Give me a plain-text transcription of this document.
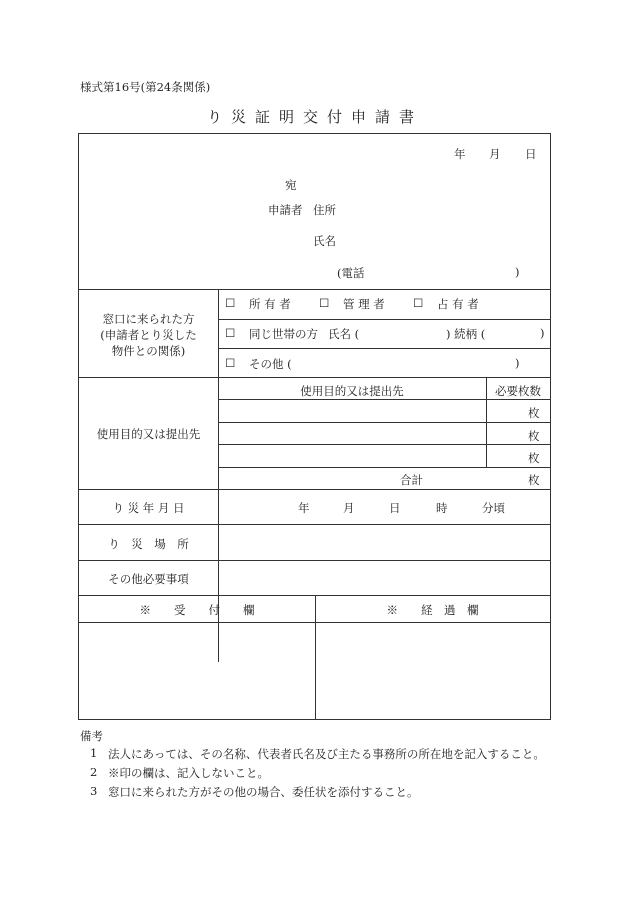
様式第16号(第24条関係)
り災証明交付申請書
年 月 日
宛
申請者 住所
氏名
(電話	)
窓口に来られた方
(申請者とり災した
物件との関係)
☐ 所 有 者 ☐ 管 理 者 ☐ 占 有 者
☐ 同じ世帯の方 氏名 (	) 続柄 (	)
☐ その他 (	)
使用目的又は提出先
使用目的又は提出先	必要枚数
枚
枚
枚
合計	枚
り 災 年 月 日	年	月	日	時	分頃
り　災　場　所
その他必要事項
※　　受　　付　　欄	※　　経　過　欄
備考
1 法人にあっては、その名称、代表者氏名及び主たる事務所の所在地を記入すること。
2 ※印の欄は、記入しないこと。
3 窓口に来られた方がその他の場合、委任状を添付すること。
